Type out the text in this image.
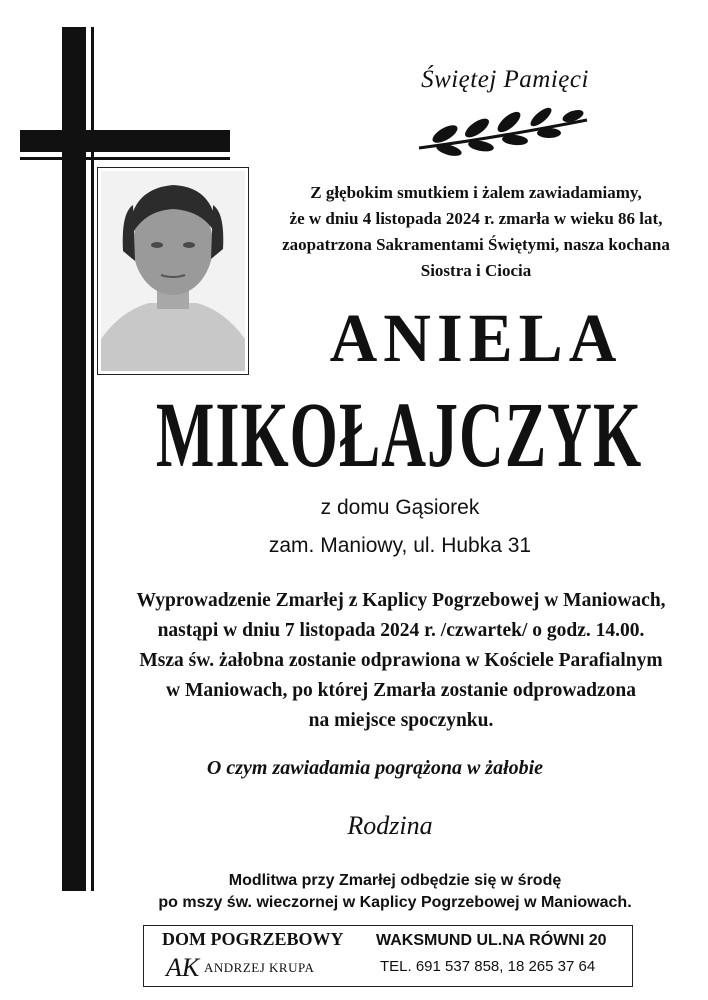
Świętej Pamięci
Z głębokim smutkiem i żalem zawiadamiamy,
że w dniu 4 listopada 2024 r. zmarła w wieku 86 lat,
zaopatrzona Sakramentami Świętymi, nasza kochana
Siostra i Ciocia
ANIELA
MIKOŁAJCZYK
z domu Gąsiorek
zam. Maniowy, ul. Hubka 31
Wyprowadzenie Zmarłej z Kaplicy Pogrzebowej w Maniowach,
nastąpi w dniu 7 listopada 2024 r. /czwartek/ o godz. 14.00.
Msza św. żałobna zostanie odprawiona w Kościele Parafialnym
w Maniowach, po której Zmarła zostanie odprowadzona
na miejsce spoczynku.
O czym zawiadamia pogrążona w żałobie
Rodzina
Modlitwa przy Zmarłej odbędzie się w środę
po mszy św. wieczornej w Kaplicy Pogrzebowej w Maniowach.
DOM POGRZEBOWY
AK ANDRZEJ KRUPA
WAKSMUND UL.NA RÓWNI 20
TEL. 691 537 858, 18 265 37 64
